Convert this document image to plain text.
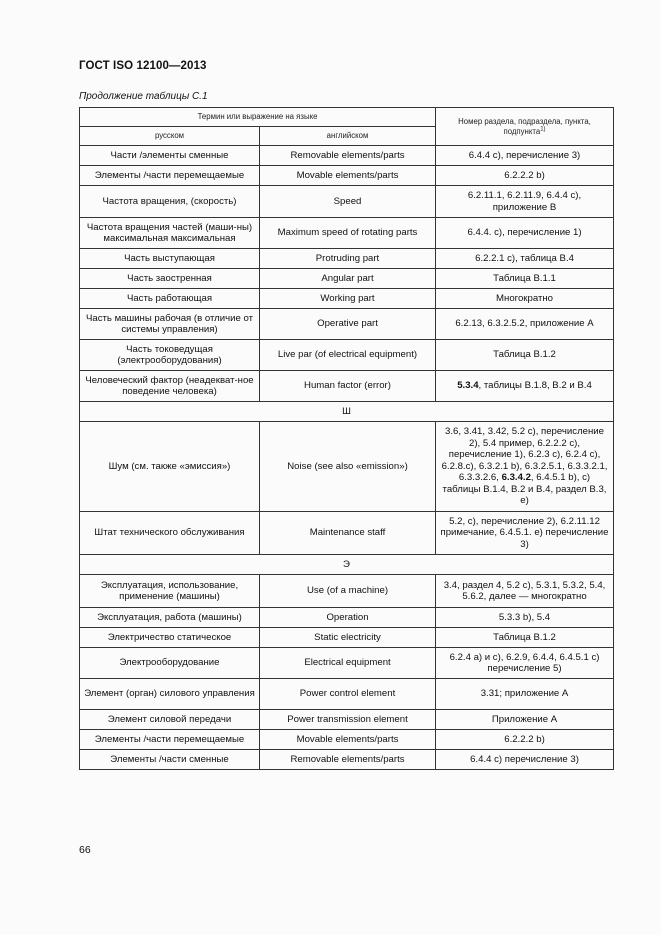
ГОСТ ISO 12100—2013
Продолжение таблицы С.1
Термин или выражение на языке		Номер раздела, подраздела, пункта, подпункта$^{1)}$
русском	английском	
Части /элементы сменные	Removable elements/parts	6.4.4 с), перечисление 3)
Элементы /части перемещаемые	Movable elements/parts	6.2.2.2 b)
Частота вращения, (скорость)	Speed	6.2.11.1, 6.2.11.9, 6.4.4 с), приложение В
Частота вращения частей (маши-ны) максимальная максимальная	Maximum speed of rotating parts	6.4.4. с), перечисление 1)
Часть выступающая	Protruding part	6.2.2.1 с), таблица В.4
Часть заостренная	Angular part	Таблица В.1.1
Часть работающая	Working part	Многократно
Часть машины рабочая (в отличие от системы управления)	Operative part	6.2.13, 6.3.2.5.2, приложение А
Часть токоведущая (электрооборудования)	Live par (of electrical equipment)	Таблица В.1.2
Человеческий фактор (неадекват-ное поведение человека)	Human factor (error)	5.3.4, таблицы В.1.8, В.2 и В.4
Ш		
Шум (см. также «эмиссия»)	Noise (see also «emission»)	3.6, 3.41, 3.42, 5.2 с), перечисление 2), 5.4 пример, 6.2.2.2 с), перечисление 1), 6.2.3 с), 6.2.4 с), 6.2.8.с), 6.3.2.1 b), 6.3.2.5.1, 6.3.3.2.1, 6.3.3.2.6, 6.3.4.2, 6.4.5.1 b), с) таблицы В.1.4, В.2 и В.4, раздел В.3, е)
Штат технического обслуживания	Maintenance staff	5.2, с), перечисление 2), 6.2.11.12 примечание, 6.4.5.1. е) перечисление 3)
Э		
Эксплуатация, использование, применение (машины)	Use (of a machine)	3.4, раздел 4, 5.2 с), 5.3.1, 5.3.2, 5.4, 5.6.2, далее — многократно
Эксплуатация, работа (машины)	Operation	5.3.3 b), 5.4
Электричество статическое	Static electricity	Таблица В.1.2
Электрооборудование	Electrical equipment	6.2.4 а) и с), 6.2.9, 6.4.4, 6.4.5.1 с) перечисление 5)
Элемент (орган) силового управления	Power control element	3.31; приложение А
Элемент силовой передачи	Power transmission element	Приложение А
Элементы /части перемещаемые	Movable elements/parts	6.2.2.2 b)
Элементы /части сменные	Removable elements/parts	6.4.4 с) перечисление 3)
66
